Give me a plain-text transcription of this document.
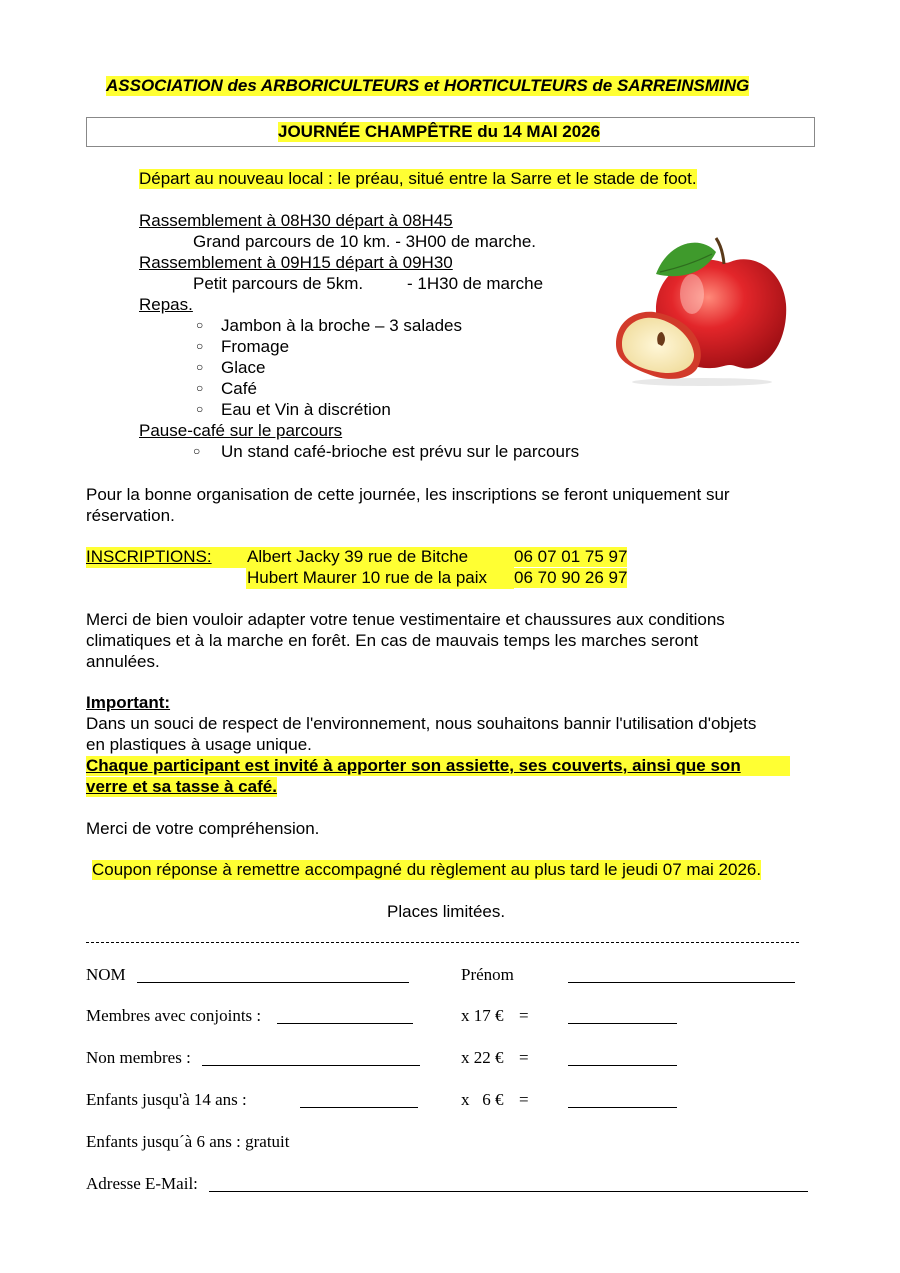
ASSOCIATION des ARBORICULTEURS et HORTICULTEURS de SARREINSMING
JOURNÉE CHAMPÊTRE du 14 MAI 2026
Départ au nouveau local : le préau, situé entre la Sarre et le stade de foot.
Rassemblement à 08H30 départ à 08H45
Grand parcours de 10 km. - 3H00 de marche.
Rassemblement à 09H15 départ à 09H30
Petit parcours de 5km.	- 1H30 de marche
Repas.
○ Jambon à la broche – 3 salades
○ Fromage
○ Glace
○ Café
○ Eau et Vin à discrétion
Pause-café sur le parcours
○ Un stand café-brioche est prévu sur le parcours
Pour la bonne organisation de cette journée, les inscriptions se feront uniquement sur
réservation.
INSCRIPTIONS: Albert Jacky 39 rue de Bitche	06 07 01 75 97
Hubert Maurer 10 rue de la paix 06 70 90 26 97
Merci de bien vouloir adapter votre tenue vestimentaire et chaussures aux conditions
climatiques et à la marche en forêt. En cas de mauvais temps les marches seront
annulées.
Important:
Dans un souci de respect de l'environnement, nous souhaitons bannir l'utilisation d'objets
en plastiques à usage unique.
Chaque participant est invité à apporter son assiette, ses couverts, ainsi que son
verre et sa tasse à café.
Merci de votre compréhension.
Coupon réponse à remettre accompagné du règlement au plus tard le jeudi 07 mai 2026.
Places limitées.
NOM	Prénom
Membres avec conjoints :	x 17 € =
Non membres :	x 22 € =
Enfants jusqu'à 14 ans :	x   6 € =
Enfants jusqu´à 6 ans : gratuit
Adresse E-Mail:
